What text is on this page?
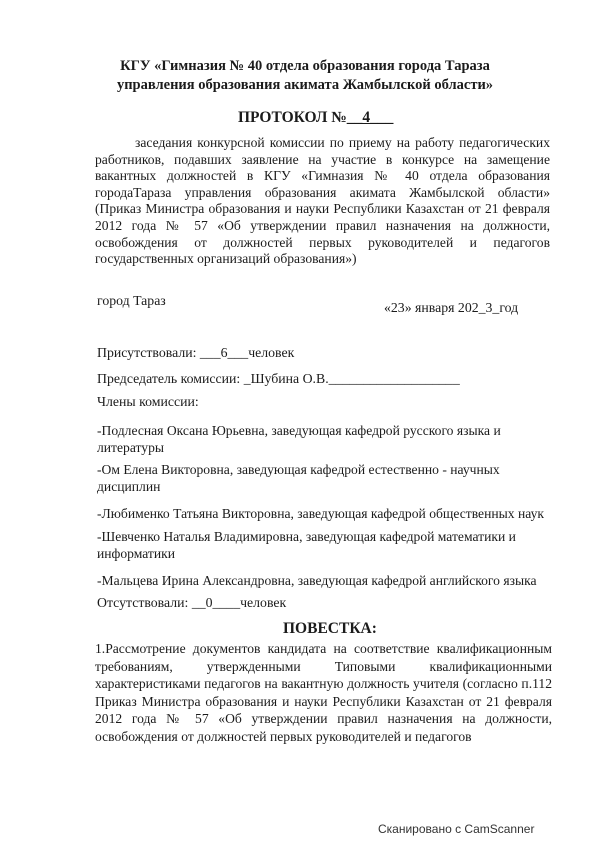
КГУ «Гимназия № 40 отдела образования города Тараза
управления образования акимата Жамбылской области»
ПРОТОКОЛ №__4___
заседания конкурсной комиссии по приему на работу педагогических работников, подавших заявление на участие в конкурсе на замещение вакантных должностей в КГУ «Гимназия № 40 отдела образования городаТараза управления образования акимата Жамбылской области» (Приказ Министра образования и науки Республики Казахстан от 21 февраля 2012 года № 57 «Об утверждении правил назначения на должности, освобождения от должностей первых руководителей и педагогов государственных организаций образования»)
город Тараз	«23» января 202_3_год
Присутствовали: ___6___человек
Председатель комиссии: _Шубина О.В.___________________
Члены комиссии:
-Подлесная Оксана Юрьевна, заведующая кафедрой русского языка и литературы
-Ом Елена Викторовна, заведующая кафедрой естественно - научных дисциплин
-Любименко Татьяна Викторовна, заведующая кафедрой общественных наук
-Шевченко Наталья Владимировна, заведующая кафедрой математики и информатики
-Мальцева Ирина Александровна, заведующая кафедрой английского языка
Отсутствовали: __0____человек
ПОВЕСТКА:
1.Рассмотрение документов кандидата на соответствие квалификационным требованиям, утвержденными Типовыми квалификационными характеристиками педагогов на вакантную должность учителя (согласно п.112 Приказ Министра образования и науки Республики Казахстан от 21 февраля 2012 года № 57 «Об утверждении правил назначения на должности, освобождения от должностей первых руководителей и педагогов
Сканировано с CamScanner
